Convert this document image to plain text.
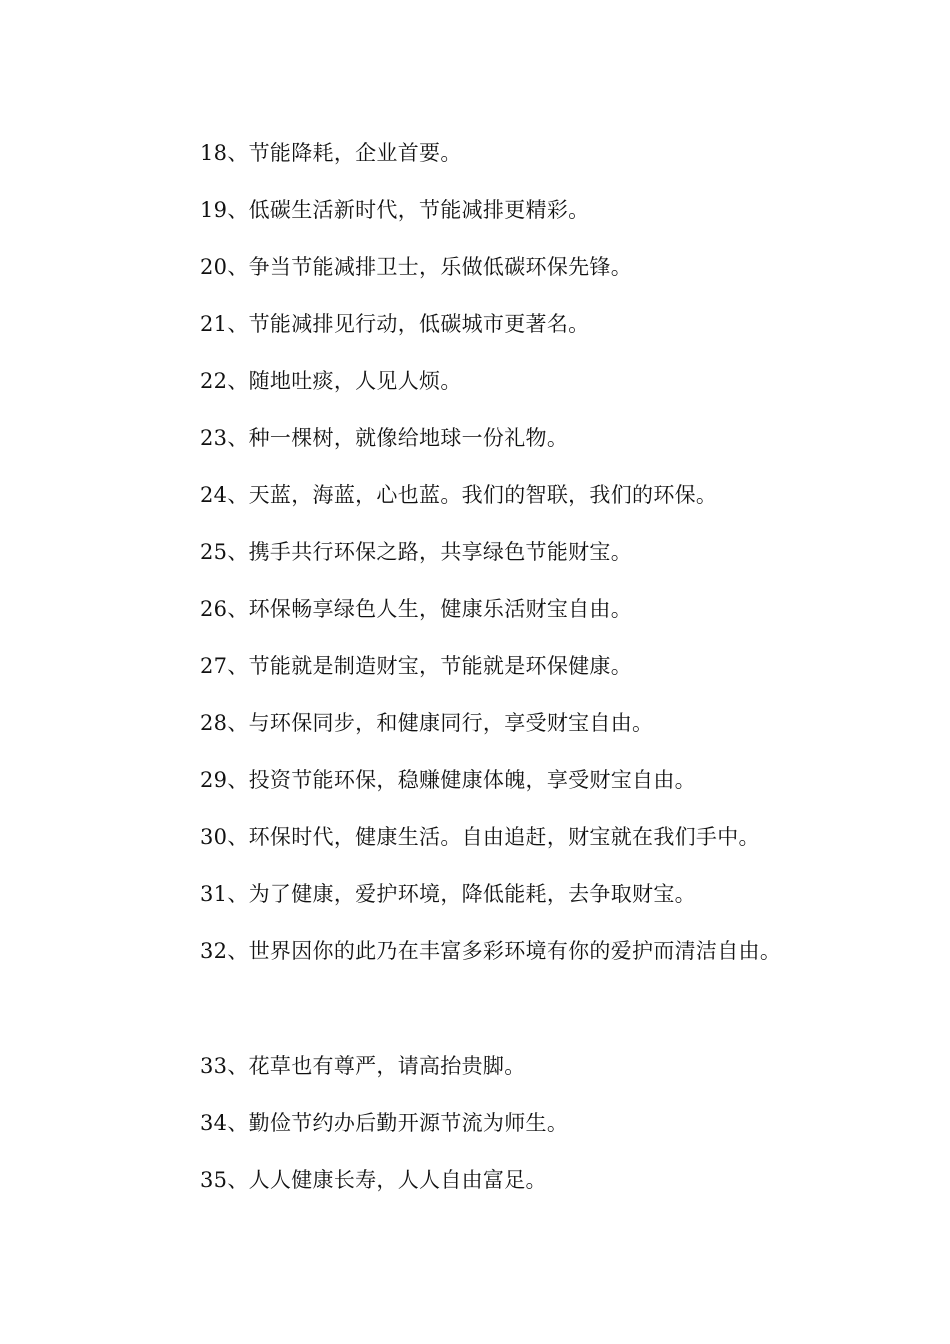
18、节能降耗，企业首要。
19、低碳生活新时代，节能减排更精彩。
20、争当节能减排卫士，乐做低碳环保先锋。
21、节能减排见行动，低碳城市更著名。
22、随地吐痰，人见人烦。
23、种一棵树，就像给地球一份礼物。
24、天蓝，海蓝，心也蓝。我们的智联，我们的环保。
25、携手共行环保之路，共享绿色节能财宝。
26、环保畅享绿色人生，健康乐活财宝自由。
27、节能就是制造财宝，节能就是环保健康。
28、与环保同步，和健康同行，享受财宝自由。
29、投资节能环保，稳赚健康体魄，享受财宝自由。
30、环保时代，健康生活。自由追赶，财宝就在我们手中。
31、为了健康，爱护环境，降低能耗，去争取财宝。
32、世界因你的此乃在丰富多彩环境有你的爱护而清洁自由。
33、花草也有尊严，请高抬贵脚。
34、勤俭节约办后勤开源节流为师生。
35、人人健康长寿，人人自由富足。
